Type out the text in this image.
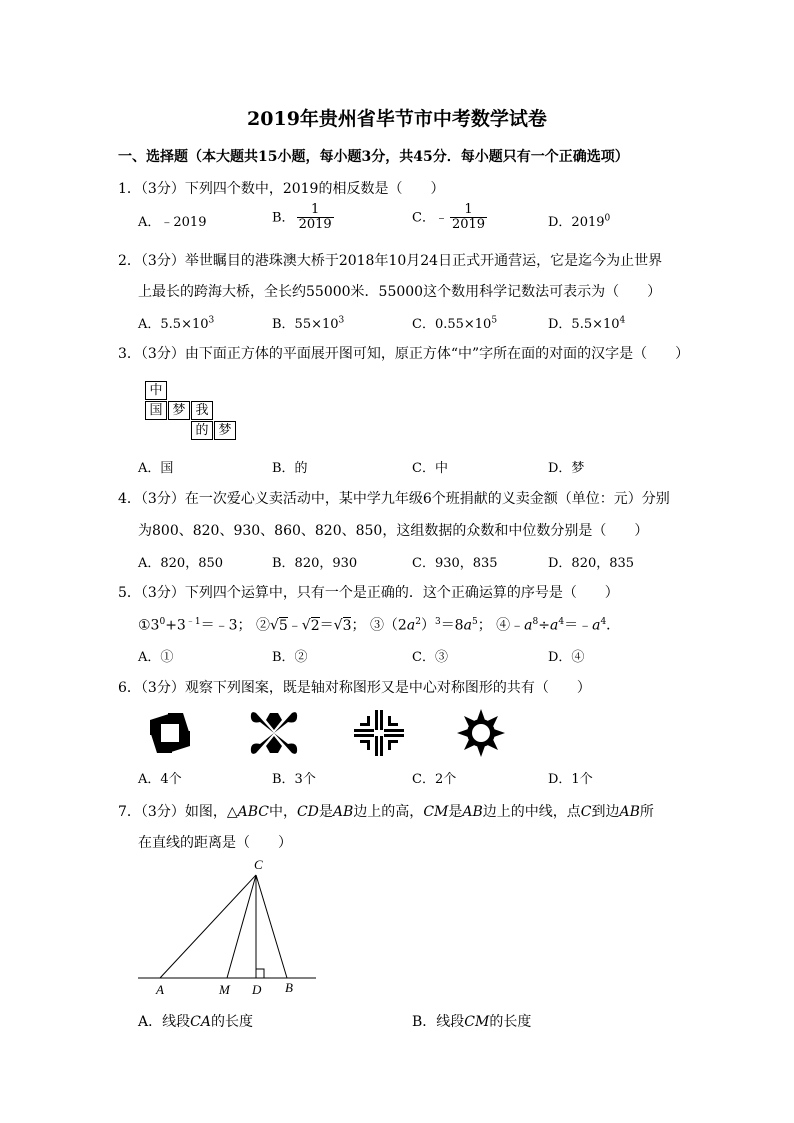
2019年贵州省毕节市中考数学试卷
一、选择题（本大题共15小题，每小题3分，共45分．每小题只有一个正确选项）
1．（3分）下列四个数中，2019的相反数是（　　）
A．﹣2019	B． $\frac{1}{2019}$	C．﹣ $\frac{1}{2019}$	D．2019$^0$
2．（3分）举世瞩目的港珠澳大桥于2018年10月24日正式开通营运，它是迄今为止世界
上最长的跨海大桥，全长约55000米．55000这个数用科学记数法可表示为（　　）
A．$5.5\times 10^3$	B．$55\times 10^3$	C．$0.55\times 10^5$	D．$5.5\times 10^4$
3．（3分）由下面正方体的平面展开图可知，原正方体“中”字所在面的对面的汉字是（　　）
中
国 梦 我
的 梦
A．国	B．的	C．中	D．梦
4．（3分）在一次爱心义卖活动中，某中学九年级6个班捐献的义卖金额（单位：元）分别
为800、820、930、860、820、850，这组数据的众数和中位数分别是（　　）
A．820，850	B．820，930	C．930，835	D．820，835
5．（3分）下列四个运算中，只有一个是正确的．这个正确运算的序号是（　　）
$①3^0+3^{﹣1}=﹣3$； ②√5﹣√2＝√3； $③(2a^2)^3=8a^5$； $④﹣a^8\div a^4=﹣a^4$．
A．①	B．②	C．③	D．④
6．（3分）观察下列图案，既是轴对称图形又是中心对称图形的共有（　　）
A．4个	B．3个	C．2个	D．1个
7．（3分）如图，△ABC中，CD是AB边上的高，CM是AB边上的中线，点C到边AB所
在直线的距离是（　　）
C
A	M D B
A．线段CA的长度	B．线段CM的长度
